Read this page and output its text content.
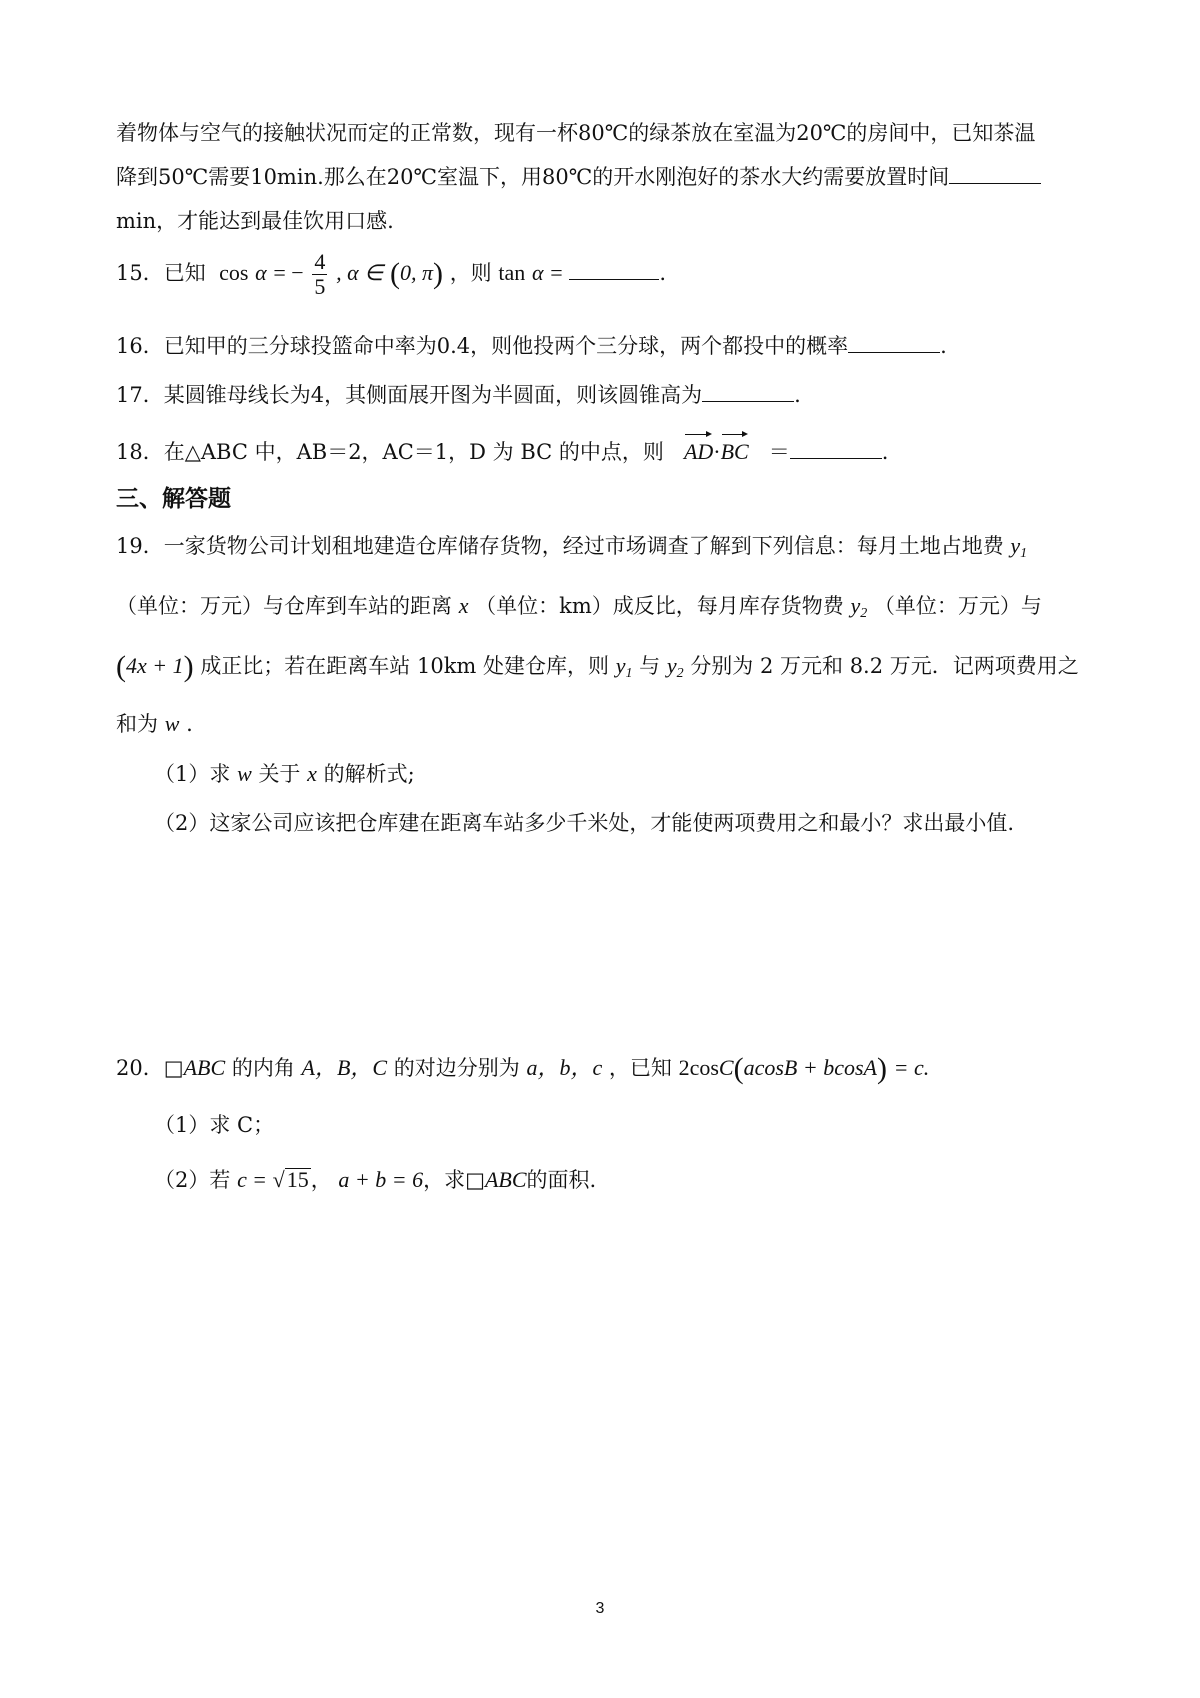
着物体与空气的接触状况而定的正常数，现有一杯80℃的绿茶放在室温为20℃的房间中，已知茶温
降到50℃需要10min.那么在20℃室温下，用80℃的开水刚泡好的茶水大约需要放置时间
min，才能达到最佳饮用口感.
15．已知 cos α = − $\frac{4}{5}$ , α ∈ (0, π) ，则 tan α =	.
16．已知甲的三分球投篮命中率为0.4，则他投两个三分球，两个都投中的概率	.
17．某圆锥母线长为4，其侧面展开图为半圆面，则该圆锥高为	.
18．在△ABC 中，AB＝2，AC＝1，D 为 BC 的中点，则 AD·BC ＝	.
三、解答题
19．一家货物公司计划租地建造仓库储存货物，经过市场调查了解到下列信息：每月土地占地费 $y_1$
（单位：万元）与仓库到车站的距离 x （单位：km）成反比，每月库存货物费 $y_2$ （单位：万元）与
(4x + 1) 成正比；若在距离车站 10km 处建仓库，则 $y_1$ 与 $y_2$ 分别为 2 万元和 8.2 万元．记两项费用之
和为 w .
（1）求 w 关于 x 的解析式;
（2）这家公司应该把仓库建在距离车站多少千米处，才能使两项费用之和最小？求出最小值.
20．□ABC 的内角 A，B，C 的对边分别为 a，b，c ，已知 2cosC(acosB + bcosA) = c.
（1）求 C；
（2）若 c = √15， a + b = 6，求□ABC的面积.
3
